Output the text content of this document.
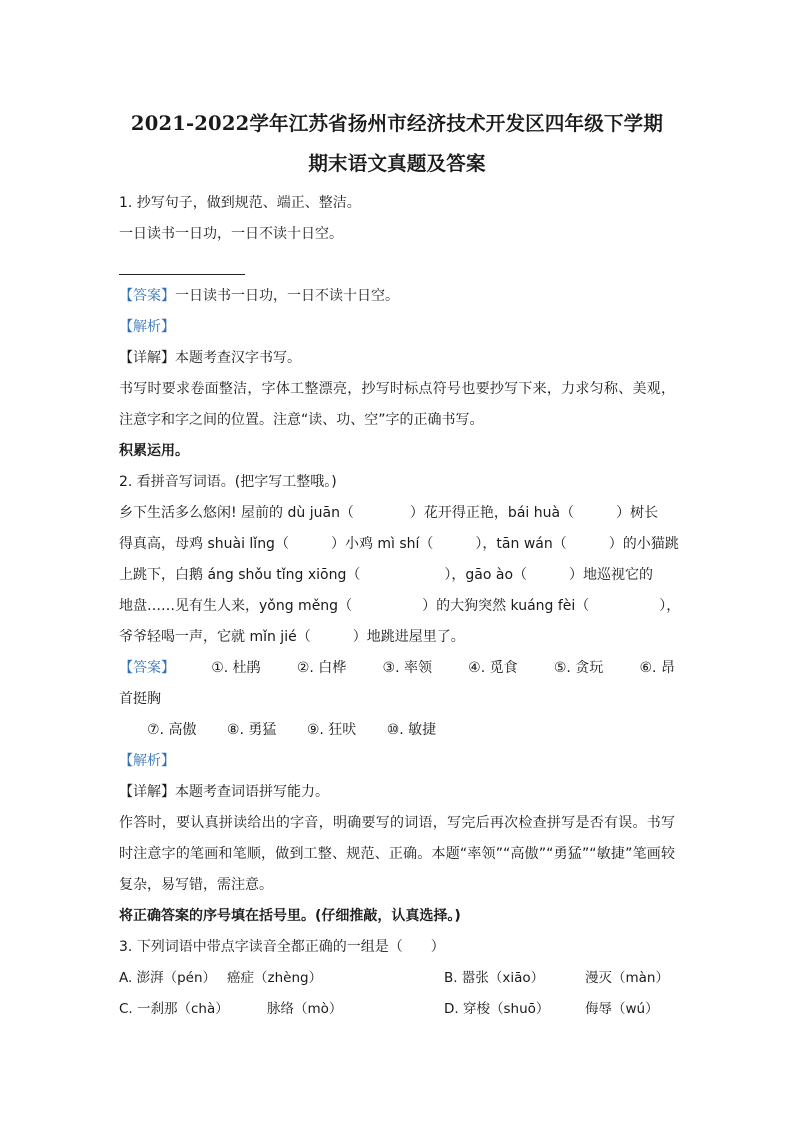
2021-2022学年江苏省扬州市经济技术开发区四年级下学期

期末语文真题及答案

1. 抄写句子，做到规范、端正、整洁。
一日读书一日功，一日不读十日空。
【答案】一日读书一日功，一日不读十日空。
【解析】
【详解】本题考查汉字书写。
书写时要求卷面整洁，字体工整漂亮，抄写时标点符号也要抄写下来，力求匀称、美观，注意字和字之间的位置。注意“读、功、空”字的正确书写。
积累运用。
2. 看拼音写词语。(把字写工整哦。)
乡下生活多么悠闲! 屋前的 dù juān（　　　　）花开得正艳，bái huà（　　　）树长
得真高，母鸡 shuài lǐng（　　　）小鸡 mì shí（　　　），tān wán（　　　）的小猫跳
上跳下，白鹅 áng shǒu tǐng xiōng（　　　　　　），gāo ào（　　　）地巡视它的
地盘……见有生人来，yǒng měng（　　　　　）的大狗突然 kuáng fèi（　　　　　），
爷爷轻喝一声，它就 mǐn jié（　　　）地跳进屋里了。
【答案】	①. 杜鹃	②. 白桦	③. 率领	④. 觅食	⑤. 贪玩	⑥. 昂
首挺胸
⑦. 高傲 ⑧. 勇猛 ⑨. 狂吠 ⑩. 敏捷
【解析】
【详解】本题考查词语拼写能力。
作答时，要认真拼读给出的字音，明确要写的词语，写完后再次检查拼写是否有误。书写时注意字的笔画和笔顺，做到工整、规范、正确。本题“率领”“高傲”“勇猛”“敏捷”笔画较复杂，易写错，需注意。
将正确答案的序号填在括号里。(仔细推敲，认真选择。)
3. 下列词语中带点字读音全都正确的一组是（　　）
A. 澎湃（pén） 癌症（zhèng）	B. 嚣张（xiāo）	漫灭（màn）
C. 一刹那（chà）	脉络（mò）	D. 穿梭（shuō）	侮辱（wú）
